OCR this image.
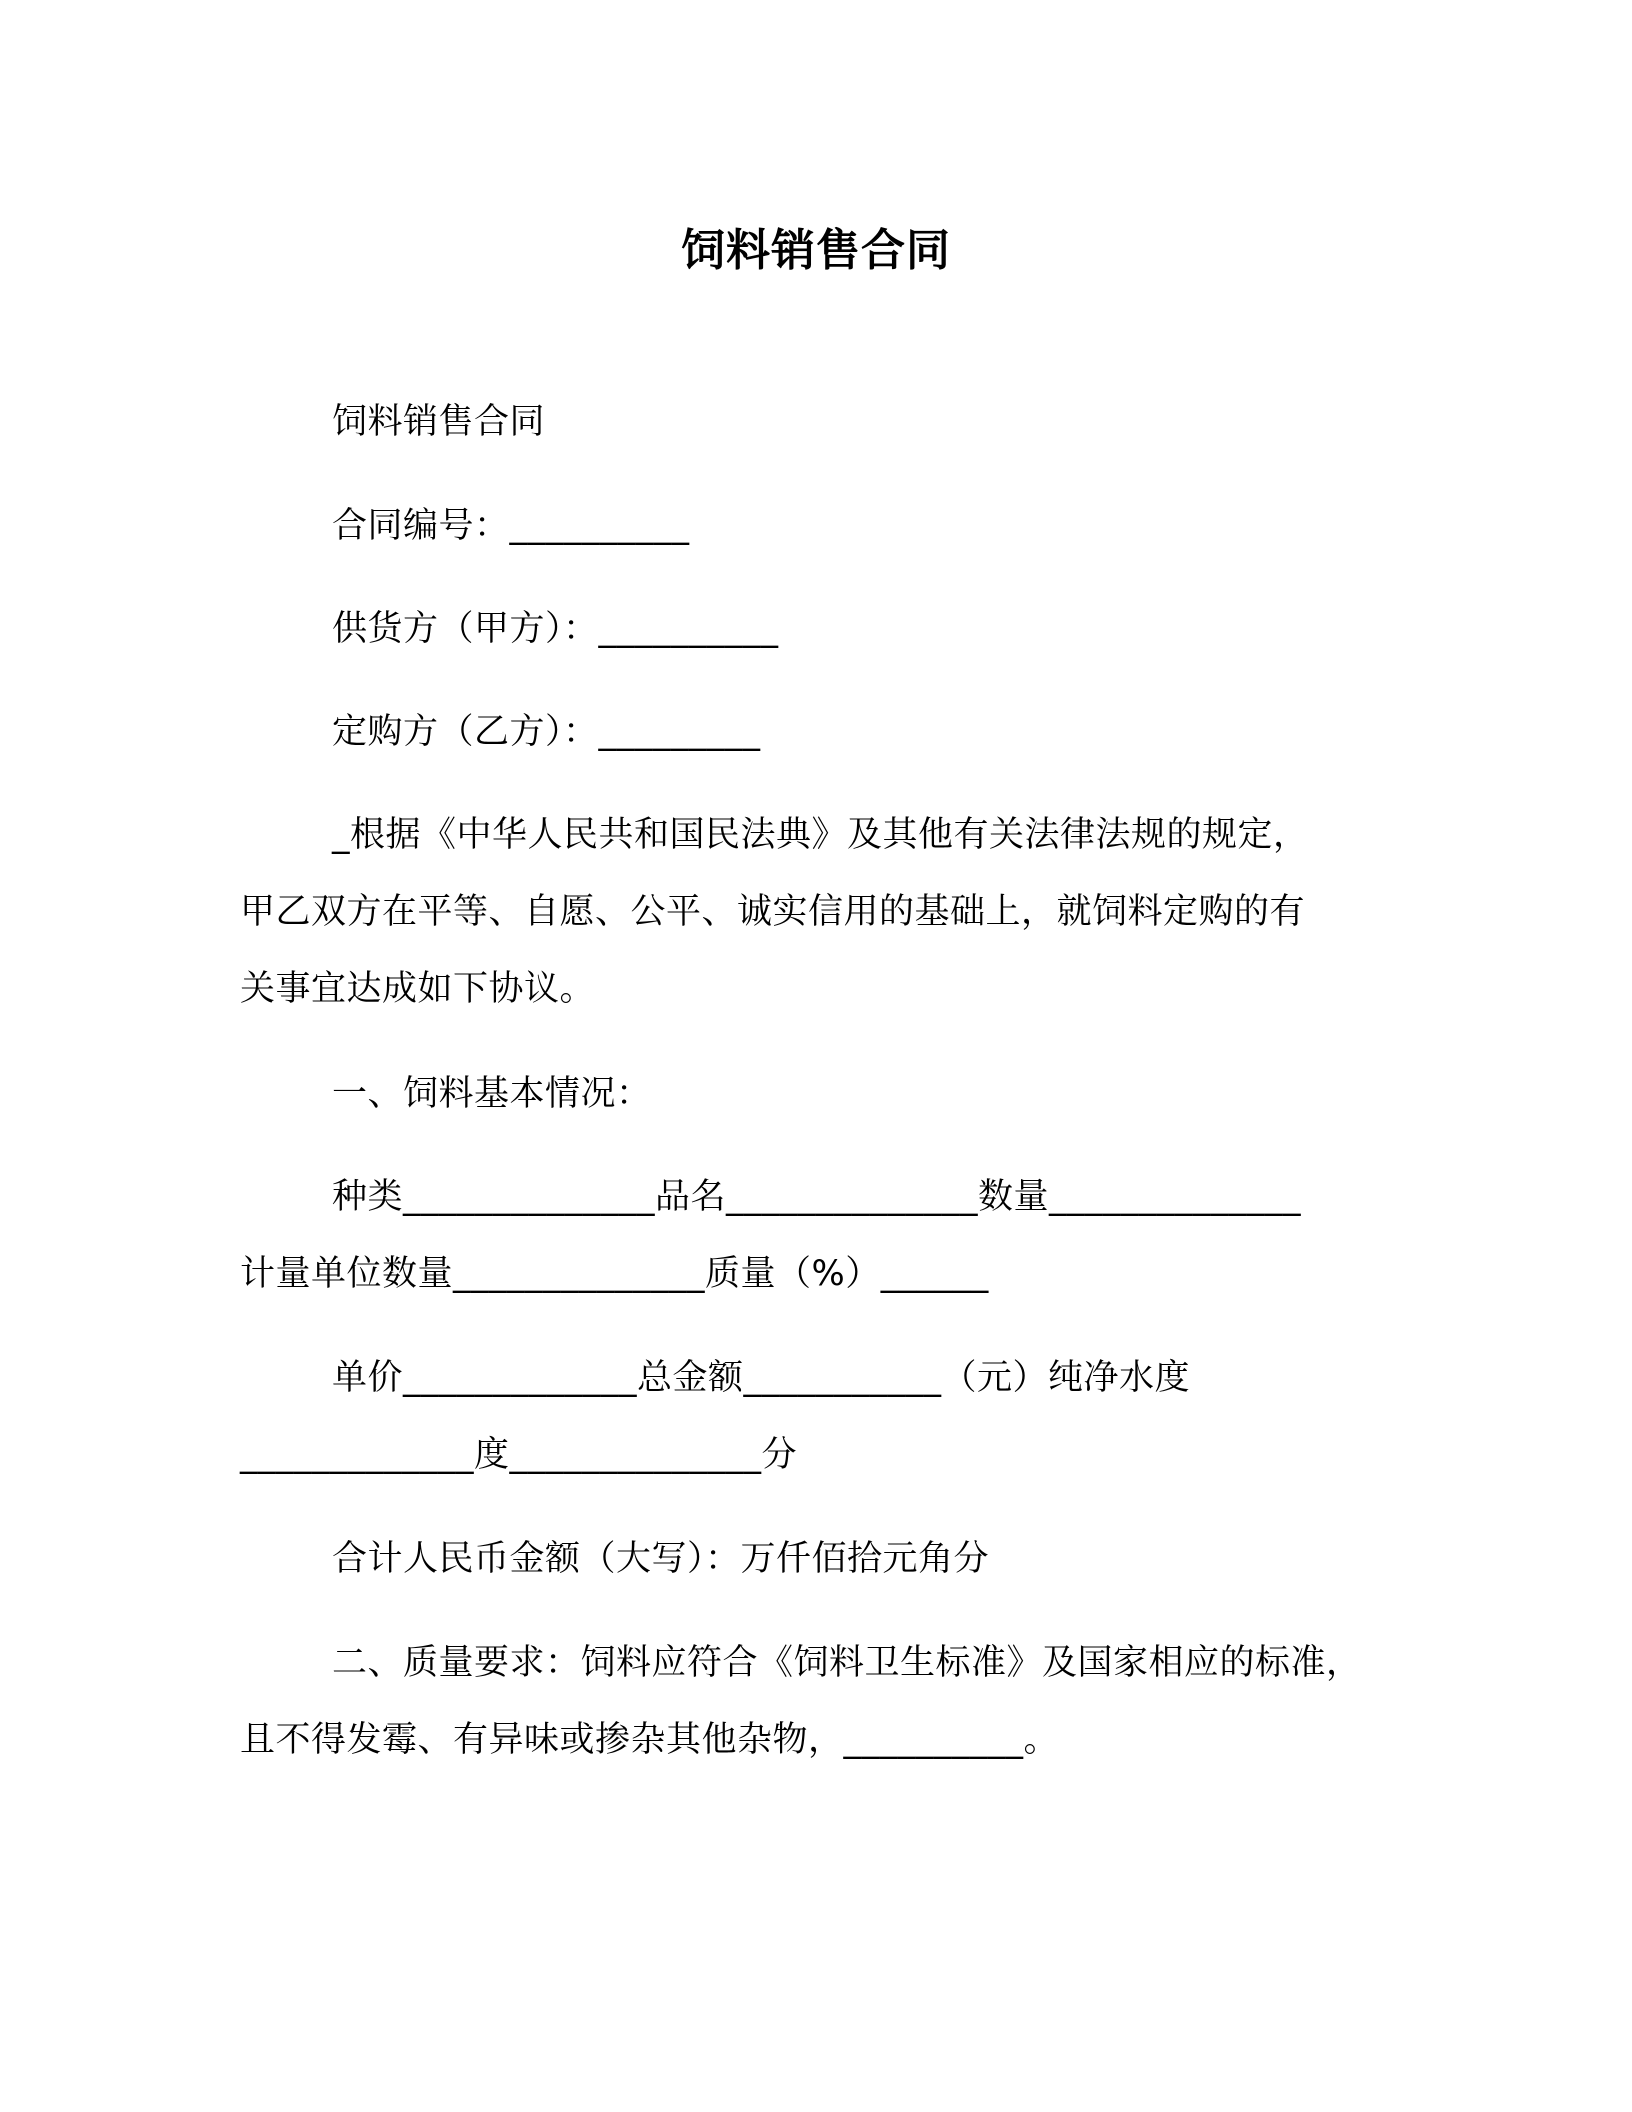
饲料销售合同
饲料销售合同
合同编号：__________
供货方（甲方）：__________
定购方（乙方）：_________
_根据《中华人民共和国民法典》及其他有关法律法规的规定，
甲乙双方在平等、自愿、公平、诚实信用的基础上，就饲料定购的有
关事宜达成如下协议。
一、饲料基本情况：
种类______________品名______________数量______________
计量单位数量______________质量（%）______
单价_____________总金额___________（元）纯净水度
_____________度______________分
合计人民币金额（大写）：万仟佰拾元角分
二、质量要求：饲料应符合《饲料卫生标准》及国家相应的标准，
且不得发霉、有异味或掺杂其他杂物，__________。
